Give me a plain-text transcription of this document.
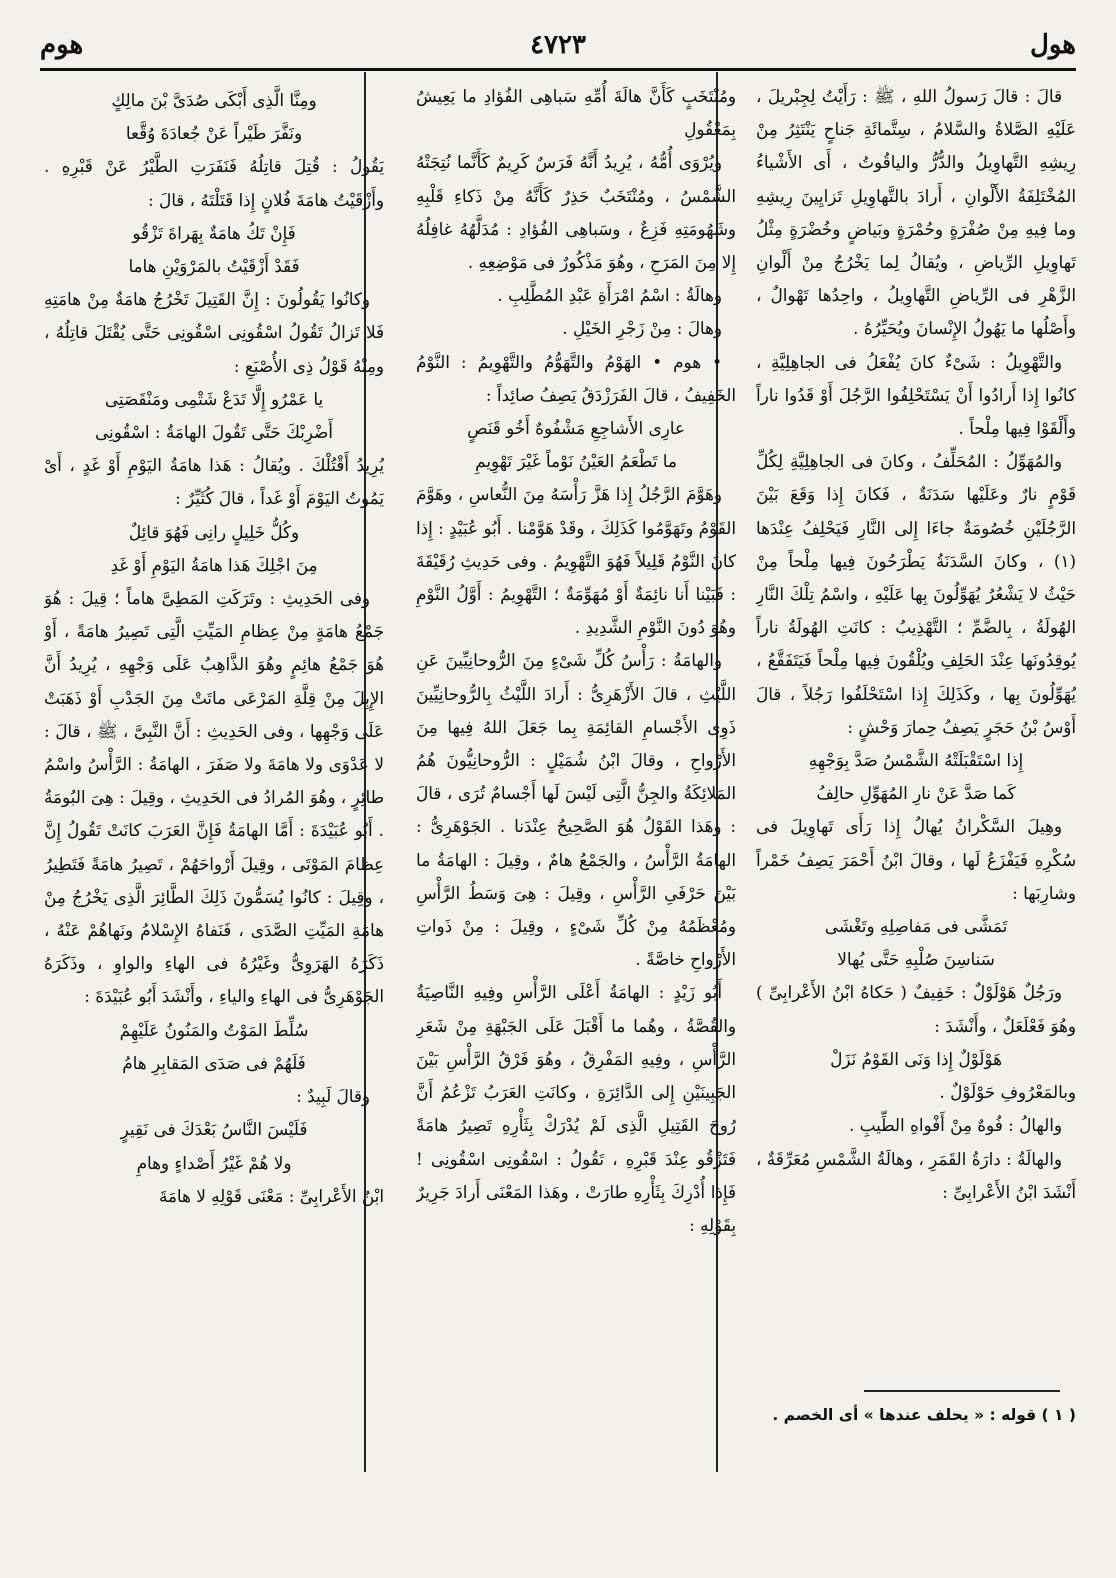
هول
٤٧٢٣
هوم

قالَ : قالَ رَسولُ اللهِ ، ﷺ : رَأَيْتُ لِجِبْريلَ ، عَلَيْهِ الصَّلاةُ والسَّلامُ ، سِتَّمائَةِ جَناحٍ يَنْتَثِرُ مِنْ رِيشِهِ التَّهاوِيلُ والدُّرُّ والياقُوتُ ، أَى الأَشْياءُ المُخْتَلِفَةُ الأَلْوانِ ، أَرادَ بالتَّهاوِيلِ تَزايِينَ رِيشِهِ وما فِيهِ مِنْ صُفْرَةٍ وحُمْرَةٍ وبَياضٍ وخُضْرَةٍ مِثْلُ تَهاوِيلِ الرِّياضِ ، ويُقالُ لِما يَخْرُجُ مِنْ أَلْوانِ الزَّهْرِ فى الرِّياضِ التَّهاوِيلُ ، واحِدُها تَهْوالٌ ، وأَصْلُها ما يَهُولُ الإِنْسانَ ويُحَيِّرُهُ .

والتَّهْوِيلُ : شَىْءٌ كانَ يُفْعَلُ فى الجاهِلِيَّةِ ، كانُوا إِذا أَرادُوا أَنْ يَسْتَحْلِفُوا الرَّجُلَ أَوْ قَدُوا ناراً وأَلْقَوْا فِيها مِلْحاً .

والمُهَوِّلُ : المُحَلِّفُ ، وكانَ فى الجاهِلِيَّةِ لِكُلِّ قَوْمٍ نارٌ وعَلَيْها سَدَنَةٌ ، فَكانَ إِذا وَقَعَ بَيْنَ الرَّجُلَيْنِ خُصُومَةٌ جاءَا إِلى النَّارِ فَيَحْلِفُ عِنْدَها (١) ، وكانَ السَّدَنَةُ يَطْرَحُونَ فِيها مِلْحاً مِنْ حَيْثُ لا يَشْعُرُ يُهَوِّلُونَ بِها عَلَيْهِ ، واسْمُ تِلْكَ النَّارِ الهُولَةُ ، بِالضَّمِّ ؛ التَّهْذِيبُ : كانَتِ الهُولَةُ ناراً يُوقِدُونَها عِنْدَ الحَلِفِ ويُلْقُونَ فِيها مِلْحاً فَيَتَفَقَّعُ ، يُهَوِّلُونَ بِها ، وكَذَلِكَ إِذا اسْتَحْلَفُوا رَجُلاً ، قالَ أَوْسُ بْنُ حَجَرٍ يَصِفُ حِمارَ وَحْشٍ :

إِذا اسْتَقْبَلَتْهُ الشَّمْسُ صَدَّ بِوَجْهِهِ

كَما صَدَّ عَنْ نارِ المُهَوِّلِ حالِفُ

وهِيلَ السَّكْرانُ يُهالُ إِذا رَأَى تَهاوِيلَ فى سُكْرِهِ فَيَفْزَعُ لَها ، وقالَ ابْنُ أَحْمَرَ يَصِفُ خَمْراً وشارِبَها :

تَمَشَّى فى مَفاصِلِهِ وتَغْشَى

سَناسِنَ صُلْبِهِ حَتَّى يُهالا

ورَجُلٌ هَوْلَوْلٌ : خَفِيفٌ ( حَكاهُ ابْنُ الأَعْرابِىِّ ) وهُوَ فَعْلَعَلٌ ، وأَنْشَدَ :

هَوْلَوْلٌ إِذا وَنَى القَوْمُ نَزَلْ

وبالمَعْرُوفِ حَوْلَوْلٌ .

والهالُ : فُوهٌ مِنْ أَفْواهِ الطِّيبِ .

والهالَةُ : دارَةُ القَمَرِ ، وهالَةُ الشَّمْسِ مُعَرِّقَةٌ ، أَنْشَدَ ابْنُ الأَعْرابِىِّ :

ومُنْتَخَبٍ كَأَنَّ هالَةَ أُمِّهِ سَباهِى الفُؤادِ ما يَعِيشُ بِمَعْقُولِ

ويُرْوَى أُمُّهُ ، يُرِيدُ أَنَّهُ فَرَسٌ كَرِيمٌ كَأَنَّما نُتِجَتْهُ الشَّمْسُ ، ومُنْتَخَبٌ حَذِرٌ كَأَنَّهُ مِنْ ذَكاءِ قَلْبِهِ وشَهُومَتِهِ فَزِعٌ ، وسَباهِى الفُؤادِ : مُدَلَّهُهُ غافِلُهُ إِلا مِنَ المَرَحِ ، وهُوَ مَذْكُورٌ فى مَوْضِعِهِ .

وهالَةُ : اسْمُ امْرَأَةِ عَبْدِ المُطَّلِبِ .

وهالَ : مِنْ زَجْرِ الخَيْلِ .

• هوم • الهَوْمُ والتَّهَوُّمُ والتَّهْوِيمُ : النَّوْمُ الخَفِيفُ ، قالَ الفَرَزْدَقُ يَصِفُ صائِداً :

عارِى الأَشاجِعِ مَشْفُوهٌ أَخُو قَنَصٍ

ما تَطْعَمُ العَيْنُ نَوْماً غَيْرَ تَهْوِيمِ

وهَوَّمَ الرَّجُلُ إِذا هَزَّ رَأْسَهُ مِنَ النُّعاسِ ، وهَوَّمَ القَوْمُ وتَهَوَّمُوا كَذَلِكَ ، وقَدْ هَوَّمْنا . أَبُو عُبَيْدٍ : إِذا كانَ النَّوْمُ قَلِيلاً فَهُوَ التَّهْوِيمُ . وفى حَدِيثِ رُقَيْقَةَ : فَبَيْنا أَنا نائِمَةٌ أَوْ مُهَوِّمَةٌ ؛ التَّهْوِيمُ : أَوَّلُ النَّوْمِ وهُوَ دُونَ النَّوْمِ الشَّدِيدِ .

والهامَةُ : رَأْسُ كُلِّ شَىْءٍ مِنَ الرُّوحانِيِّينَ عَنِ اللَّيْثِ ، قالَ الأَزْهَرِىُّ : أَرادَ اللَّيْثُ بِالرُّوحانِيِّينَ ذَوِى الأَجْسامِ القائِمَةِ بِما جَعَلَ اللهُ فِيها مِنَ الأَرْواحِ ، وقالَ ابْنُ شُمَيْلٍ : الرُّوحانِيُّونَ هُمُ المَلائِكَةُ والجِنُّ الَّتِى لَيْسَ لَها أَجْسامٌ تُرَى ، قالَ : وهَذا القَوْلُ هُوَ الصَّحِيحُ عِنْدَنا . الجَوْهَرِىُّ : الهامَةُ الرَّأْسُ ، والجَمْعُ هامٌ ، وقِيلَ : الهامَةُ ما بَيْنَ حَرْفَىِ الرَّأْسِ ، وقِيلَ : هِىَ وَسَطُ الرَّأْسِ ومُعْظَمُهُ مِنْ كُلِّ شَىْءٍ ، وقِيلَ : مِنْ ذَواتِ الأَرْواحِ خاصَّةً .

أَبُو زَيْدٍ : الهامَةُ أَعْلَى الرَّأْسِ وفِيهِ النَّاصِيَةُ والقُصَّةُ ، وهُما ما أَقْبَلَ عَلَى الجَبْهَةِ مِنْ شَعَرِ الرَّأْسِ ، وفِيهِ المَفْرِقُ ، وهُوَ فَرْقُ الرَّأْسِ بَيْنَ الجَبِينَيْنِ إِلى الدَّائِرَةِ ، وكانَتِ العَرَبُ تَزْعُمُ أَنَّ رُوحَ القَتِيلِ الَّذِى لَمْ يُدْرَكْ بِثَأْرِهِ تَصِيرُ هامَةً فَتَزْقُو عِنْدَ قَبْرِهِ ، تَقُولُ : اسْقُونِى اسْقُونِى ! فَإِذا أُدْرِكَ بِثَأْرِهِ طارَتْ ، وهَذا المَعْنَى أَرادَ جَرِيرٌ بِقَوْلِهِ :

ومِنَّا الَّذِى أَبْكَى صُدَىَّ بْنَ مالِكٍ

ونَفَّرَ طَيْراً عَنْ جُعادَةَ وُقَّعا

يَقُولُ : قُتِلَ قاتِلُهُ فَنَفَرَتِ الطَّيْرُ عَنْ قَبْرِهِ . وأَزْقَيْتُ هامَةَ فُلانٍ إِذا قَتَلْتَهُ ، قالَ :

فَإِنْ تَكُ هامَةٌ بِهَراةَ تَزْقُو

فَقَدْ أَزْقَيْتُ بالمَرْوَيْنِ هاما

وكانُوا يَقُولُونَ : إِنَّ القَتِيلَ تَخْرُجُ هامَةٌ مِنْ هامَتِهِ فَلا تَزالُ تَقُولُ اسْقُونِى اسْقُونِى حَتَّى يُقْتَلَ قاتِلُهُ ، ومِنْهُ قَوْلُ ذِى الأُصْبَعِ :

يا عَمْرُو إِلَّا تَدَعْ شَتْمِى ومَنْقَصَتِى

أَضْرِبْكَ حَتَّى تَقُولَ الهامَةُ : اسْقُونِى

يُرِيدُ أَقْتُلْكَ . ويُقالُ : هَذا هامَةُ اليَوْمِ أَوْ غَدٍ ، أَىْ يَمُوتُ اليَوْمَ أَوْ غَداً ، قالَ كُثَيِّرٌ :

وكُلُّ خَلِيلٍ رانِى فَهُوَ قائِلٌ

مِنَ اجْلِكَ هَذا هامَةُ اليَوْمِ أَوْ غَدِ

وفى الحَدِيثِ : وتَرَكَتِ المَطِىَّ هاماً ؛ قِيلَ : هُوَ جَمْعُ هامَةٍ مِنْ عِظامِ المَيِّتِ الَّتِى تَصِيرُ هامَةً ، أَوْ هُوَ جَمْعُ هائِمٍ وهُوَ الذَّاهِبُ عَلَى وَجْهِهِ ، يُرِيدُ أَنَّ الإِبِلَ مِنْ قِلَّةِ المَرْعَى ماتَتْ مِنَ الجَدْبِ أَوْ ذَهَبَتْ عَلَى وَجْهِها ، وفى الحَدِيثِ : أَنَّ النَّبِىَّ ، ﷺ ، قالَ : لا عَدْوَى ولا هامَةَ ولا صَفَرَ ، الهامَةُ : الرَّأْسُ واسْمُ طائِرٍ ، وهُوَ المُرادُ فى الحَدِيثِ ، وقِيلَ : هِىَ البُومَةُ . أَبُو عُبَيْدَةَ : أَمَّا الهامَةُ فَإِنَّ العَرَبَ كانَتْ تَقُولُ إِنَّ عِظامَ المَوْتَى ، وقِيلَ أَرْواحَهُمْ ، تَصِيرُ هامَةً فَتَطِيرُ ، وقِيلَ : كانُوا يُسَمُّونَ ذَلِكَ الطَّائِرَ الَّذِى يَخْرُجُ مِنْ هامَةِ المَيِّتِ الصَّدَى ، فَنَفاهُ الإِسْلامُ ونَهاهُمْ عَنْهُ ، ذَكَرَهُ الهَرَوِىُّ وغَيْرُهُ فى الهاءِ والواوِ ، وذَكَرَهُ الجَوْهَرِىُّ فى الهاءِ والياءِ ، وأَنْشَدَ أَبُو عُبَيْدَةَ :

سُلِّطَ المَوْتُ والمَنُونُ عَلَيْهِمْ

فَلَهُمْ فى صَدَى المَقابِرِ هامُ

وقالَ لَبِيدٌ :

فَلَيْسَ النَّاسُ بَعْدَكَ فى نَقِيرٍ

ولا هُمْ غَيْرُ أَصْداءٍ وهامِ

ابْنُ الأَعْرابِىِّ : مَعْنَى قَوْلِهِ لا هامَةَ

( ١ ) قوله : « يحلف عندها » أى الخصم .
